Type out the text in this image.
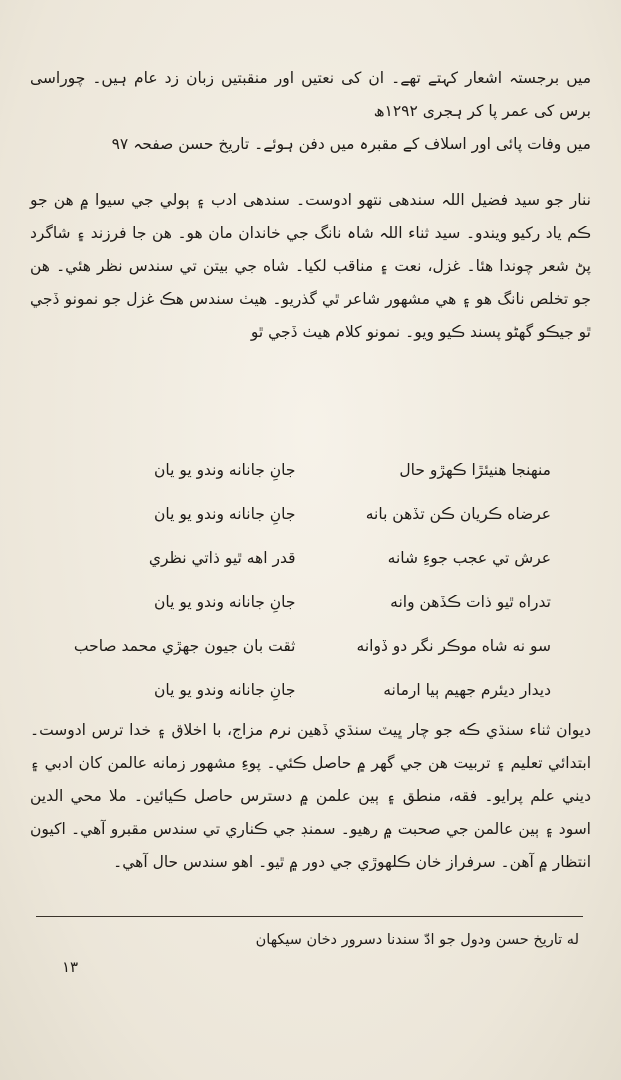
میں برجستہ اشعار کہتے تھے۔ ان کی نعتیں اور منقبتیں زبان زد عام ہیں۔ چوراسی برس کی عمر پا کر ہجری ۱۲۹۲ھ

میں وفات پائی اور اسلاف کے مقبرہ میں دفن ہوئے۔ تاریخ حسن صفحہ ۹۷

ننار جو سید فضیل اللہ سندھی نتھو ادوست۔ سندھی ادب ۽ ٻولي جي سيوا ۾ هن جو ڪم ياد رکيو ويندو۔ سيد ثناء اللہ شاہ نانگ جي خاندان مان هو۔ هن جا فرزند ۽ شاگرد پڻ شعر چوندا هئا۔ غزل، نعت ۽ مناقب لکيا۔ شاه جي بيتن تي سندس نظر هئي۔ هن جو تخلص نانگ هو ۽ هي مشهور شاعر ٿي گذريو۔ هيٺ سندس هڪ غزل جو نمونو ڏجي ٿو جيڪو گهڻو پسند ڪيو ويو۔ نمونو کلام هيٺ ڏجي ٿو

منهنجا هنيئڙا ڪهڙو حال
جانِ جانانه وندو يو يان
عرضاه ڪريان ڪن تڏهن بانه
جانِ جانانه وندو يو يان
عرش تي عجب جوءِ شانه
قدر اهه ٿيو ذاتي نظري
تدراه ٿيو ذات ڪڏهن وانه
جانِ جانانه وندو يو يان
سو نه شاه موڪر نگر دو ڏوانه
ثقت بان جيون جهڙي محمد صاحب
ديدار ديئرم جهيم ٻيا ارمانه
جانِ جانانه وندو يو يان

ديوان ثناء سنڌي ڪه جو چار ڀيٽ سنڌي ڏهين نرم مزاج، با اخلاق ۽ خدا ترس ادوست۔ ابتدائي تعليم ۽ تربيت هن جي گهر ۾ حاصل ڪئي۔ پوءِ مشهور زمانه عالمن کان ادبي ۽ ديني علم پرايو۔ فقه، منطق ۽ ٻين علمن ۾ دسترس حاصل ڪيائين۔ ملا محي الدين اسود ۽ ٻين عالمن جي صحبت ۾ رهيو۔ سمنڊ جي ڪناري تي سندس مقبرو آهي۔ اکيون انتظار ۾ آهن۔ سرفراز خان ڪلهوڙي جي دور ۾ ٿيو۔ اهو سندس حال آهي۔

له تاریخ حسن ودول جو ادّ سندنا دسرور دخان سیکھان
۱۳
